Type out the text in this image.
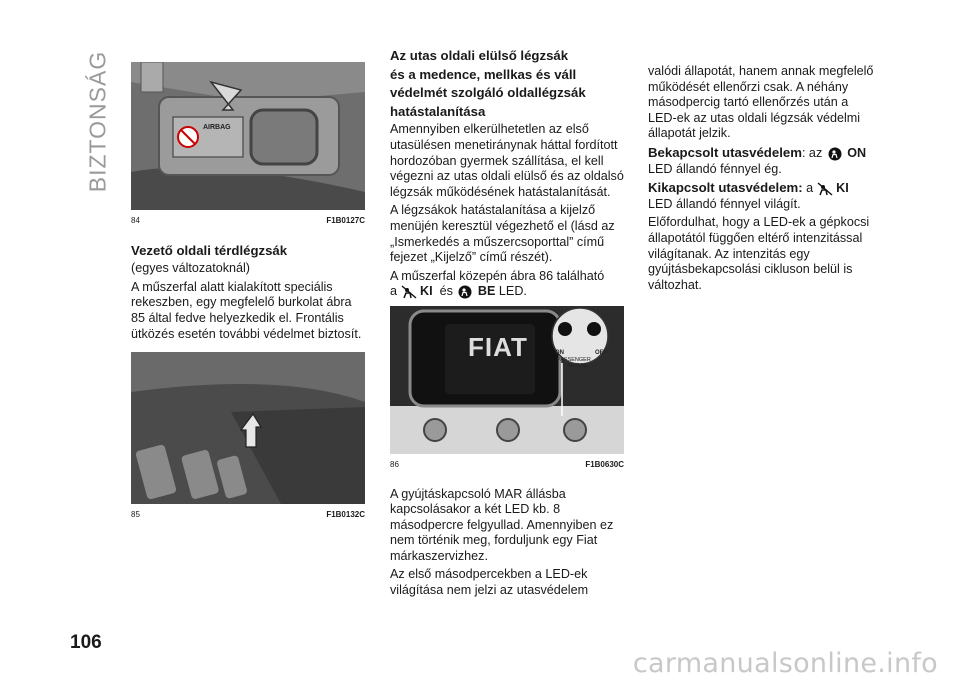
BIZTONSÁG	AIRBAG
84	F1B0127C

Vezető oldali térdlégzsák

(egyes változatoknál)

A műszerfal alatt kialakított speciális rekeszben, egy megfelelő burkolat ábra 85 által fedve helyezkedik el. Frontális ütközés esetén további védelmet biztosít.

85	F1B0132C

Az utas oldali elülső légzsák

és a medence, mellkas és váll

védelmét szolgáló oldallégzsák

hatástalanítása

Amennyiben elkerülhetetlen az első utasülésen menetiránynak háttal fordított hordozóban gyermek szállítása, el kell végezni az utas oldali elülső és az oldalsó légzsák működésének hatástalanítását.

A légzsákok hatástalanítása a kijelző menüjén keresztül végezhető el (lásd az „Ismerkedés a műszercsoporttal” című fejezet „Kijelző” című részét).

A műszerfal közepén ábra 86 található

a KI és BE LED.

FIAT	ON	OFF
PASSENGER
AIRBAG
86	F1B0630C

A gyújtáskapcsoló MAR állásba kapcsolásakor a két LED kb. 8 másodpercre felgyullad. Amennyiben ez nem történik meg, forduljunk egy Fiat márkaszervizhez.

Az első másodpercekben a LED-ek világítása nem jelzi az utasvédelem

valódi állapotát, hanem annak megfelelő működését ellenőrzi csak. A néhány másodpercig tartó ellenőrzés után a LED-ek az utas oldali légzsák védelmi állapotát jelzik.

Bekapcsolt utasvédelem: az ON

LED állandó fénnyel ég.

Kikapcsolt utasvédelem: a KI

LED állandó fénnyel világít.

Előfordulhat, hogy a LED-ek a gépkocsi állapotától függően eltérő intenzitással világítanak. Az intenzitás egy gyújtásbekapcsolási cikluson belül is változhat.

106
carmanualsonline.info
